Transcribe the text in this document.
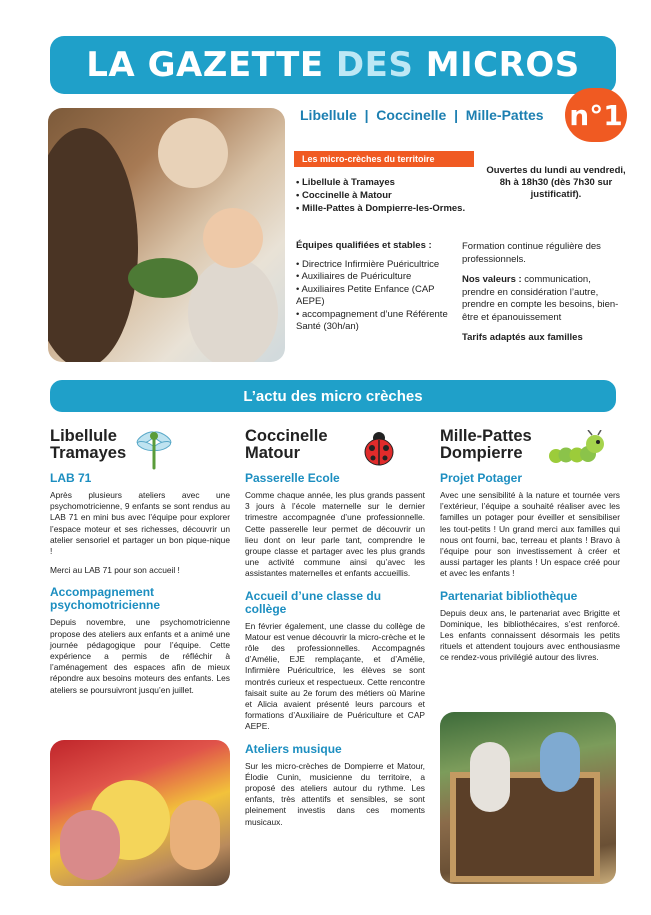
LA GAZETTE DES MICROS
n°1
Libellule | Coccinelle | Mille-Pattes
Les micro-crèches du territoire
• Libellule à Tramayes
• Coccinelle à Matour
• Mille-Pattes à Dompierre-les-Ormes.
Ouvertes du lundi au vendredi, 8h à 18h30 (dès 7h30 sur justificatif).
Équipes qualifiées et stables :
• Directrice Infirmière Puéricultrice
• Auxiliaires de Puériculture
• Auxiliaires Petite Enfance (CAP AEPE)
• accompagnement d’une Référente Santé (30h/an)

Formation continue régulière des professionnels.

Nos valeurs : communication, prendre en considération l’autre, prendre en compte les besoins, bien-être et épanouissement

Tarifs adaptés aux familles

L’actu des micro crèches
Libellule
Tramayes
LAB 71

Après plusieurs ateliers avec une psychomotricienne, 9 enfants se sont rendus au LAB 71 en mini bus avec l’équipe pour explorer l’espace moteur et ses richesses, découvrir un atelier sensoriel et partager un bon pique-nique !

Merci au LAB 71 pour son accueil !

Accompagnement psychomotricienne

Depuis novembre, une psychomotricienne propose des ateliers aux enfants et a animé une journée pédagogique pour l’équipe. Cette expérience a permis de réfléchir à l’aménagement des espaces afin de mieux répondre aux besoins moteurs des enfants. Les ateliers se poursuivront jusqu’en juillet.

Coccinelle
Matour
Passerelle Ecole

Comme chaque année, les plus grands passent 3 jours à l’école maternelle sur le dernier trimestre accompagnée d’une professionnelle. Cette passerelle leur permet de découvrir un lieu dont on leur parle tant, comprendre le groupe classe et partager avec les plus grands une activité commune ainsi qu’avec les assistantes maternelles et enfants accueillis.

Accueil d’une classe du collège

En février également, une classe du collège de Matour est venue découvrir la micro-crèche et le rôle des professionnelles. Accompagnés d’Amélie, EJE remplaçante, et d’Amélie, Infirmière Puéricultrice, les élèves se sont montrés curieux et respectueux. Cette rencontre faisait suite au 2e forum des métiers où Marine et Alicia avaient présenté leurs parcours et formations d’Auxiliaire de Puériculture et CAP AEPE.

Ateliers musique

Sur les micro-crèches de Dompierre et Matour, Élodie Cunin, musicienne du territoire, a proposé des ateliers autour du rythme. Les enfants, très attentifs et sensibles, se sont pleinement investis dans ces moments musicaux.

Mille-Pattes
Dompierre
Projet Potager

Avec une sensibilité à la nature et tournée vers l’extérieur, l’équipe a souhaité réaliser avec les familles un potager pour éveiller et sensibiliser les tout-petits ! Un grand merci aux familles qui nous ont fourni, bac, terreau et plants ! Bravo à l’équipe pour son investissement à créer et aussi partager les plants ! Un espace créé pour et avec les enfants !

Partenariat bibliothèque

Depuis deux ans, le partenariat avec Brigitte et Dominique, les bibliothécaires, s’est renforcé. Les enfants connaissent désormais les petits rituels et attendent toujours avec enthousiasme ce rendez-vous privilégié autour des livres.
